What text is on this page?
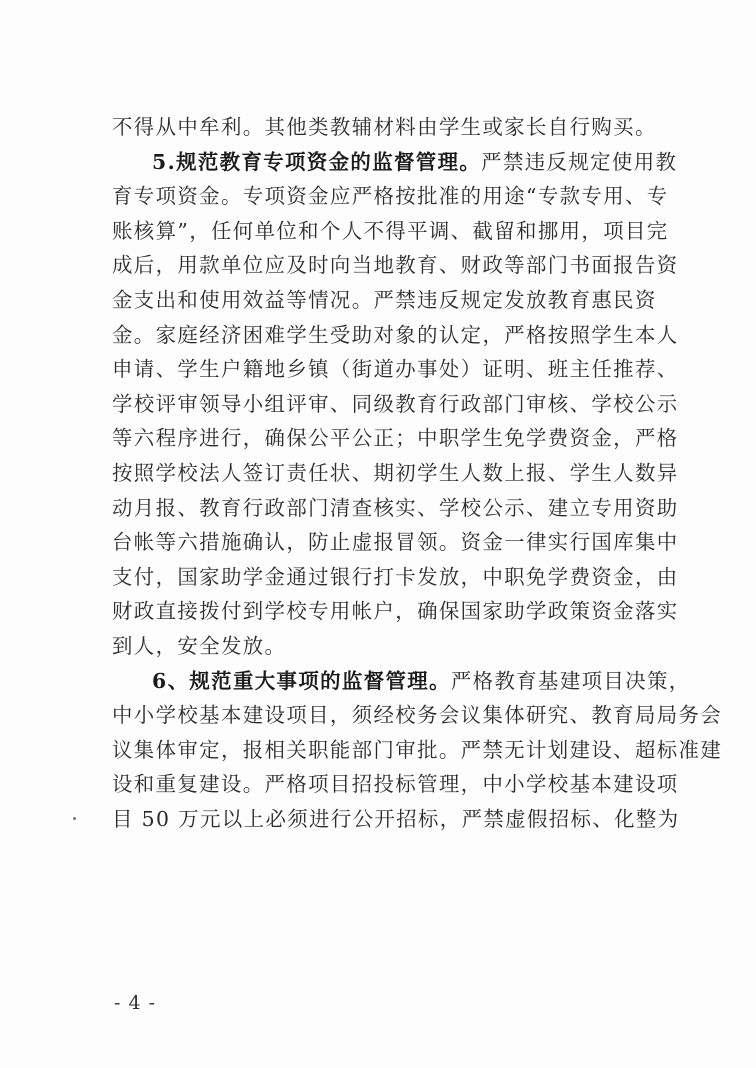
不得从中牟利。其他类教辅材料由学生或家长自行购买。
5.规范教育专项资金的监督管理。严禁违反规定使用教
育专项资金。专项资金应严格按批准的用途“专款专用、专
账核算”，任何单位和个人不得平调、截留和挪用，项目完
成后，用款单位应及时向当地教育、财政等部门书面报告资
金支出和使用效益等情况。严禁违反规定发放教育惠民资
金。家庭经济困难学生受助对象的认定，严格按照学生本人
申请、学生户籍地乡镇（街道办事处）证明、班主任推荐、
学校评审领导小组评审、同级教育行政部门审核、学校公示
等六程序进行，确保公平公正；中职学生免学费资金，严格
按照学校法人签订责任状、期初学生人数上报、学生人数异
动月报、教育行政部门清查核实、学校公示、建立专用资助
台帐等六措施确认，防止虚报冒领。资金一律实行国库集中
支付，国家助学金通过银行打卡发放，中职免学费资金，由
财政直接拨付到学校专用帐户，确保国家助学政策资金落实
到人，安全发放。
6、规范重大事项的监督管理。严格教育基建项目决策，
中小学校基本建设项目，须经校务会议集体研究、教育局局务会
议集体审定，报相关职能部门审批。严禁无计划建设、超标准建
设和重复建设。严格项目招投标管理，中小学校基本建设项
目 50 万元以上必须进行公开招标，严禁虚假招标、化整为
- 4 -
